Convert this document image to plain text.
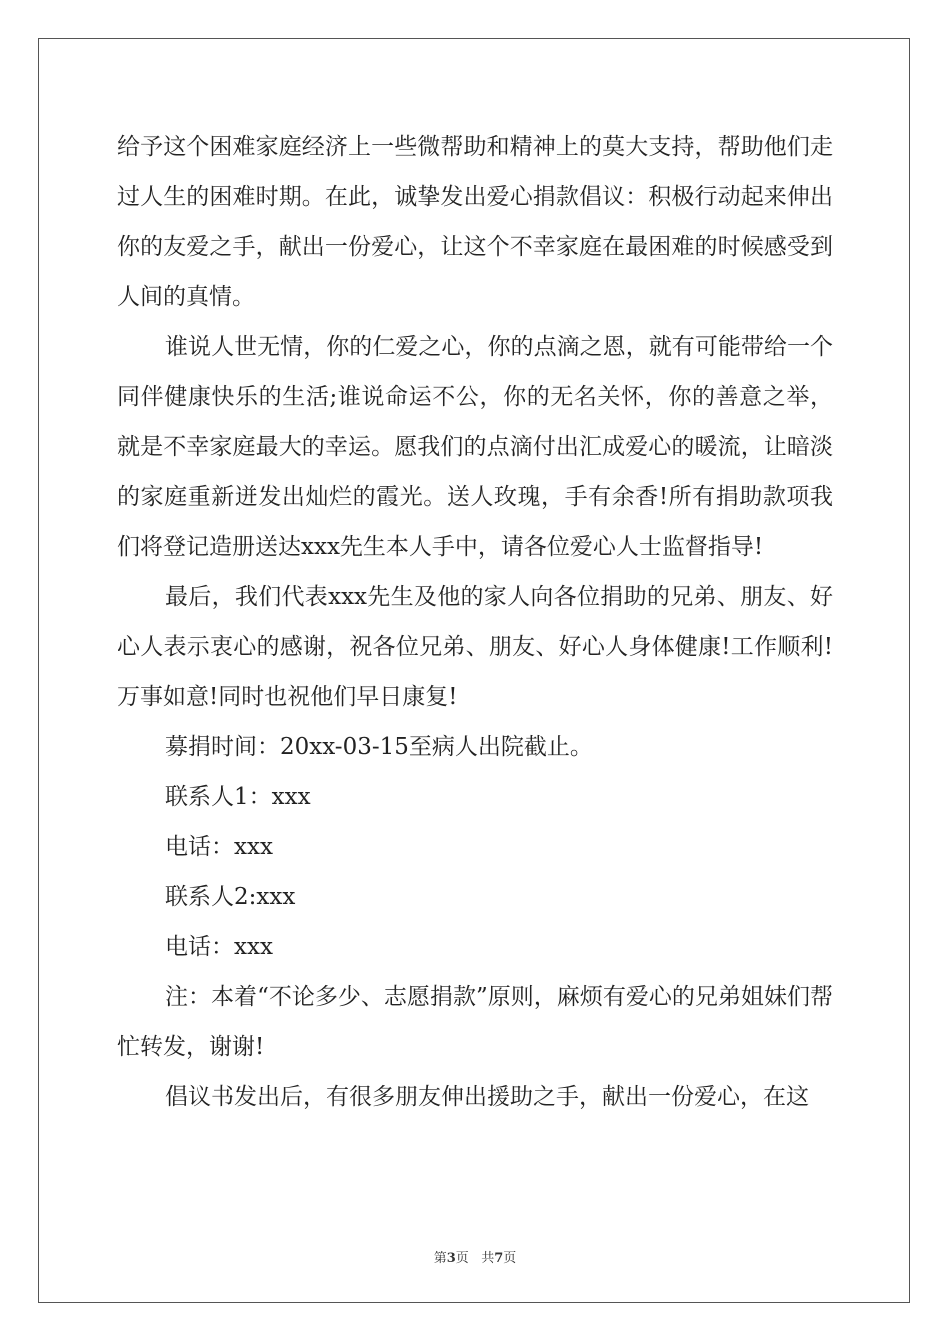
给予这个困难家庭经济上一些微帮助和精神上的莫大支持，帮助他们走过人生的困难时期。在此，诚挚发出爱心捐款倡议：积极行动起来伸出你的友爱之手，献出一份爱心，让这个不幸家庭在最困难的时候感受到人间的真情。

谁说人世无情，你的仁爱之心，你的点滴之恩，就有可能带给一个同伴健康快乐的生活;谁说命运不公，你的无名关怀，你的善意之举，就是不幸家庭最大的幸运。愿我们的点滴付出汇成爱心的暖流，让暗淡的家庭重新迸发出灿烂的霞光。送人玫瑰，手有余香!所有捐助款项我们将登记造册送达xxx先生本人手中，请各位爱心人士监督指导!

最后，我们代表xxx先生及他的家人向各位捐助的兄弟、朋友、好心人表示衷心的感谢，祝各位兄弟、朋友、好心人身体健康!工作顺利!万事如意!同时也祝他们早日康复!

募捐时间：20xx-03-15至病人出院截止。

联系人1：xxx

电话：xxx

联系人2:xxx

电话：xxx

注：本着“不论多少、志愿捐款”原则，麻烦有爱心的兄弟姐妹们帮忙转发，谢谢!

倡议书发出后，有很多朋友伸出援助之手，献出一份爱心，在这

第3页 共7页
